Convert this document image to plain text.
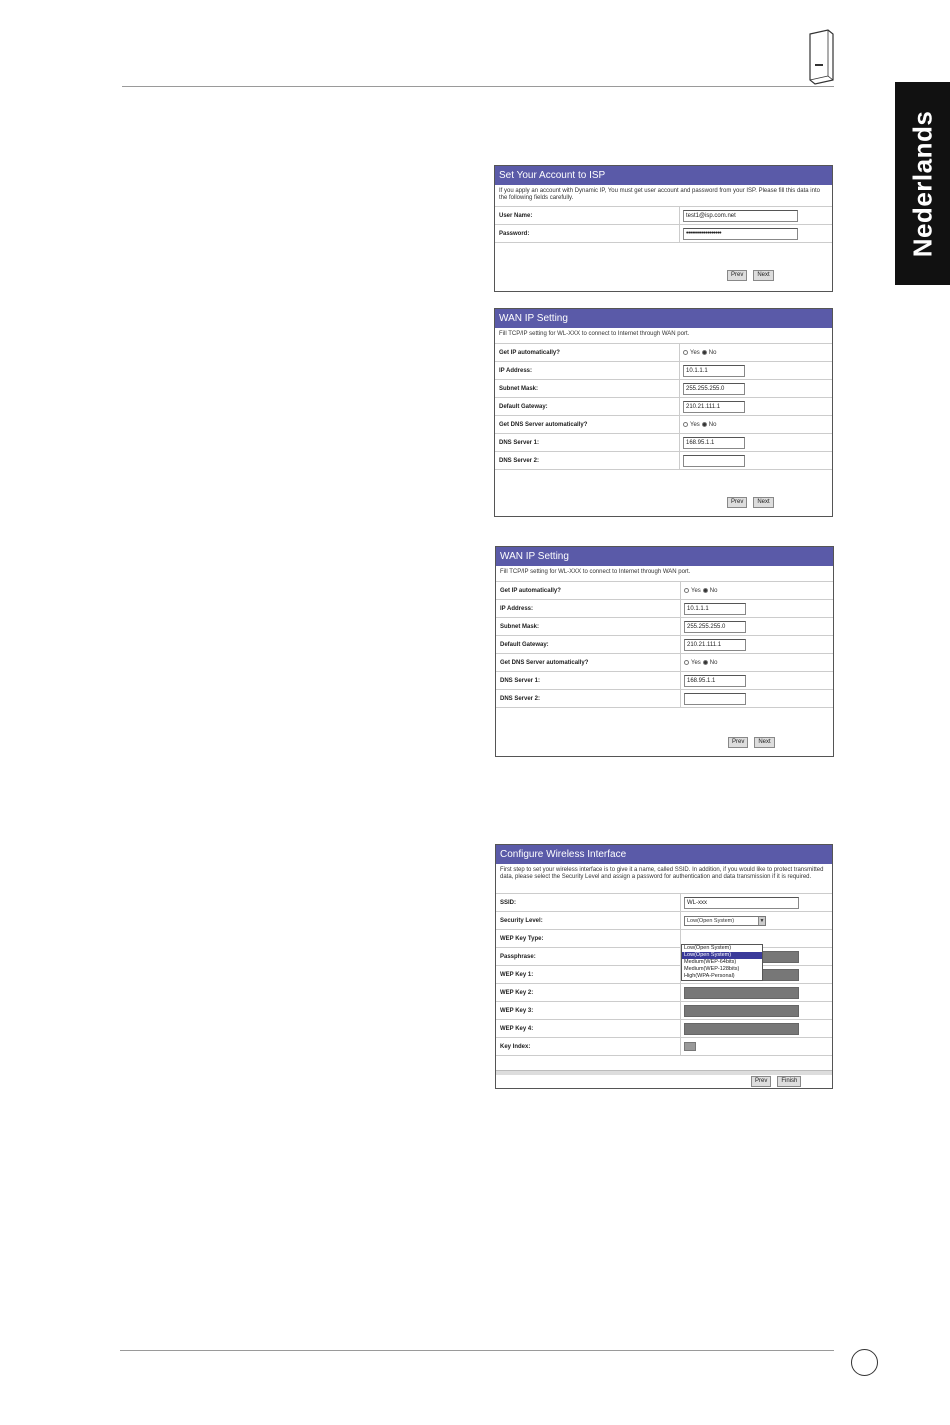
Nederlands
Set Your Account to ISP
If you apply an account with Dynamic IP, You must get user account and password from your ISP. Please fill this data into the following fields carefully.
User Name:	test1@isp.com.net
Password:	••••••••••••••••••
Prev	Next
WAN IP Setting
Fill TCP/IP setting for WL-XXX to connect to Internet through WAN port.
Get IP automatically?	Yes No
IP Address:	10.1.1.1
Subnet Mask:	255.255.255.0
Default Gateway:	210.21.111.1
Get DNS Server automatically?	Yes No
DNS Server 1:	168.95.1.1
DNS Server 2:
Prev	Next
WAN IP Setting
Fill TCP/IP setting for WL-XXX to connect to Internet through WAN port.
Get IP automatically?	Yes No
IP Address:	10.1.1.1
Subnet Mask:	255.255.255.0
Default Gateway:	210.21.111.1
Get DNS Server automatically?	Yes No
DNS Server 1:	168.95.1.1
DNS Server 2:
Prev	Next
Configure Wireless Interface
First step to set your wireless interface is to give it a name, called SSID. In addition, if you would like to protect transmitted data, please select the Security Level and assign a password for authentication and data transmission if it is required.
SSID:	WL-xxx
Security Level:	Low(Open System)	▼
WEP Key Type:
Passphrase:
WEP Key 1:
WEP Key 2:
WEP Key 3:
WEP Key 4:
Key Index:
Low(Open System)
Low(Open System)
Medium(WEP-64bits)
Medium(WEP-128bits)
High(WPA-Personal)
Prev	Finish
